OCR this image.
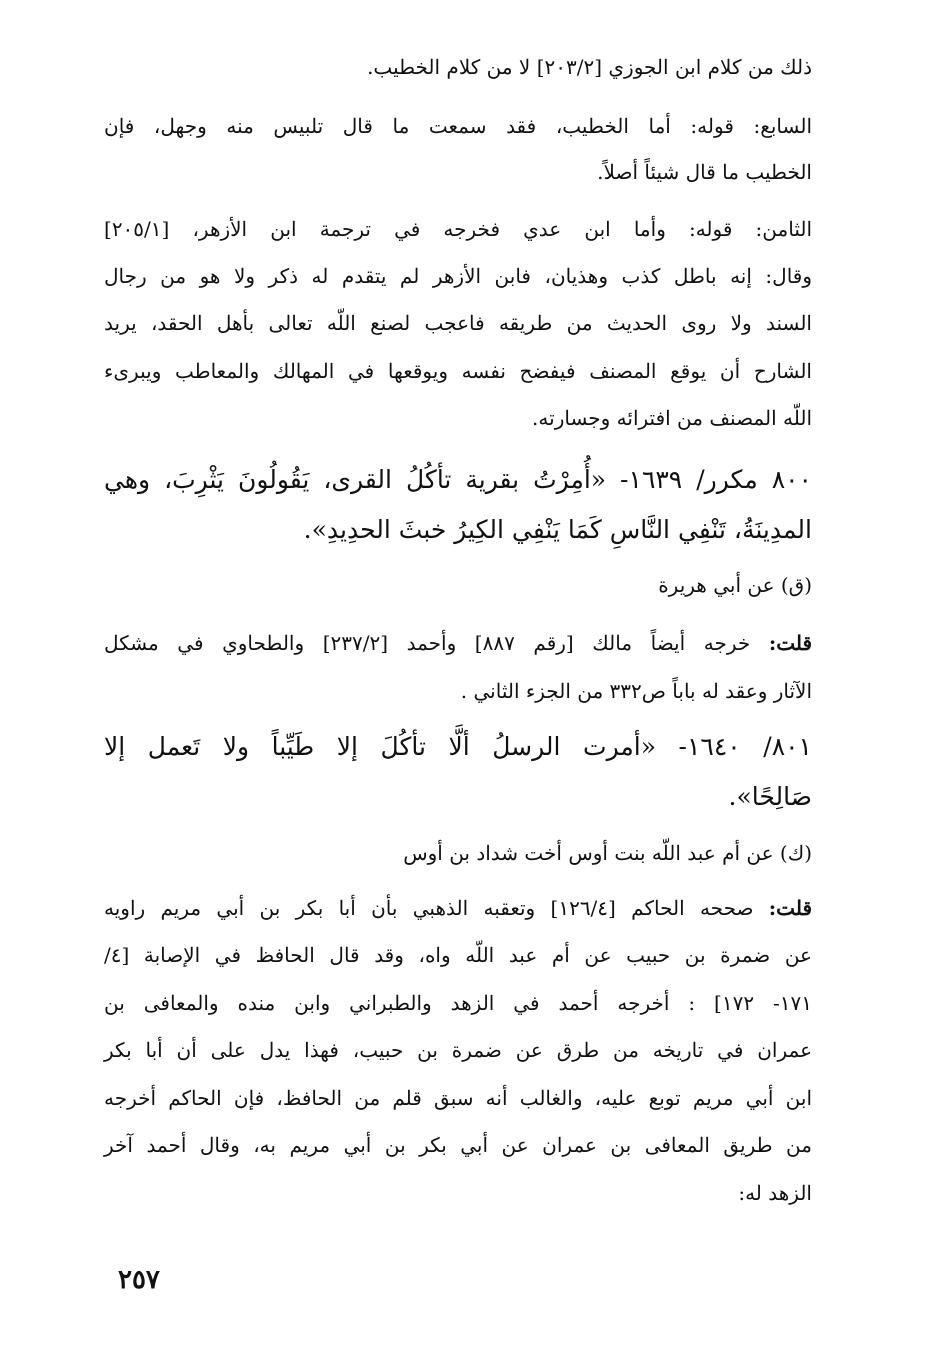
ذلك من كلام ابن الجوزي [٢٠٣/٢] لا من كلام الخطيب.
السابع: قوله: أما الخطيب، فقد سمعت ما قال تلبيس منه وجهل، فإن
الخطيب ما قال شيئاً أصلاً.
الثامن: قوله: وأما ابن عدي فخرجه في ترجمة ابن الأزهر، [٢٠٥/١]
وقال: إنه باطل كذب وهذيان، فابن الأزهر لم يتقدم له ذكر ولا هو من رجال
السند ولا روى الحديث من طريقه فاعجب لصنع اللّه تعالى بأهل الحقد، يريد
الشارح أن يوقع المصنف فيفضح نفسه ويوقعها في المهالك والمعاطب ويبرىء
اللّه المصنف من افترائه وجسارته.
٨٠٠ مكرر/ ١٦٣٩- «أُمِرْتُ بقرية تأكُلُ القرى، يَقُولُونَ يَثْرِبَ، وهي
المدِينَةُ، تَنْفِي النَّاسِ كَمَا يَنْفِي الكِيرُ خبثَ الحدِيدِ».
(ق) عن أبي هريرة
قلت: خرجه أيضاً مالك [رقم ٨٨٧] وأحمد [٢٣٧/٢] والطحاوي في مشكل
الآثار وعقد له باباً ص٣٣٢ من الجزء الثاني .
٨٠١/ ١٦٤٠- «أمرت الرسلُ ألَّا تأكُلَ إلا طَيِّباً ولا تَعمل إلا
صَالِحًا».
(ك) عن أم عبد اللّه بنت أوس أخت شداد بن أوس
قلت: صححه الحاكم [١٢٦/٤] وتعقبه الذهبي بأن أبا بكر بن أبي مريم راويه
عن ضمرة بن حبيب عن أم عبد اللّه واه، وقد قال الحافظ في الإصابة [٤/
١٧١- ١٧٢] : أخرجه أحمد في الزهد والطبراني وابن منده والمعافى بن
عمران في تاريخه من طرق عن ضمرة بن حبيب، فهذا يدل على أن أبا بكر
ابن أبي مريم توبع عليه، والغالب أنه سبق قلم من الحافظ، فإن الحاكم أخرجه
من طريق المعافى بن عمران عن أبي بكر بن أبي مريم به، وقال أحمد آخر
الزهد له:
٢٥٧
